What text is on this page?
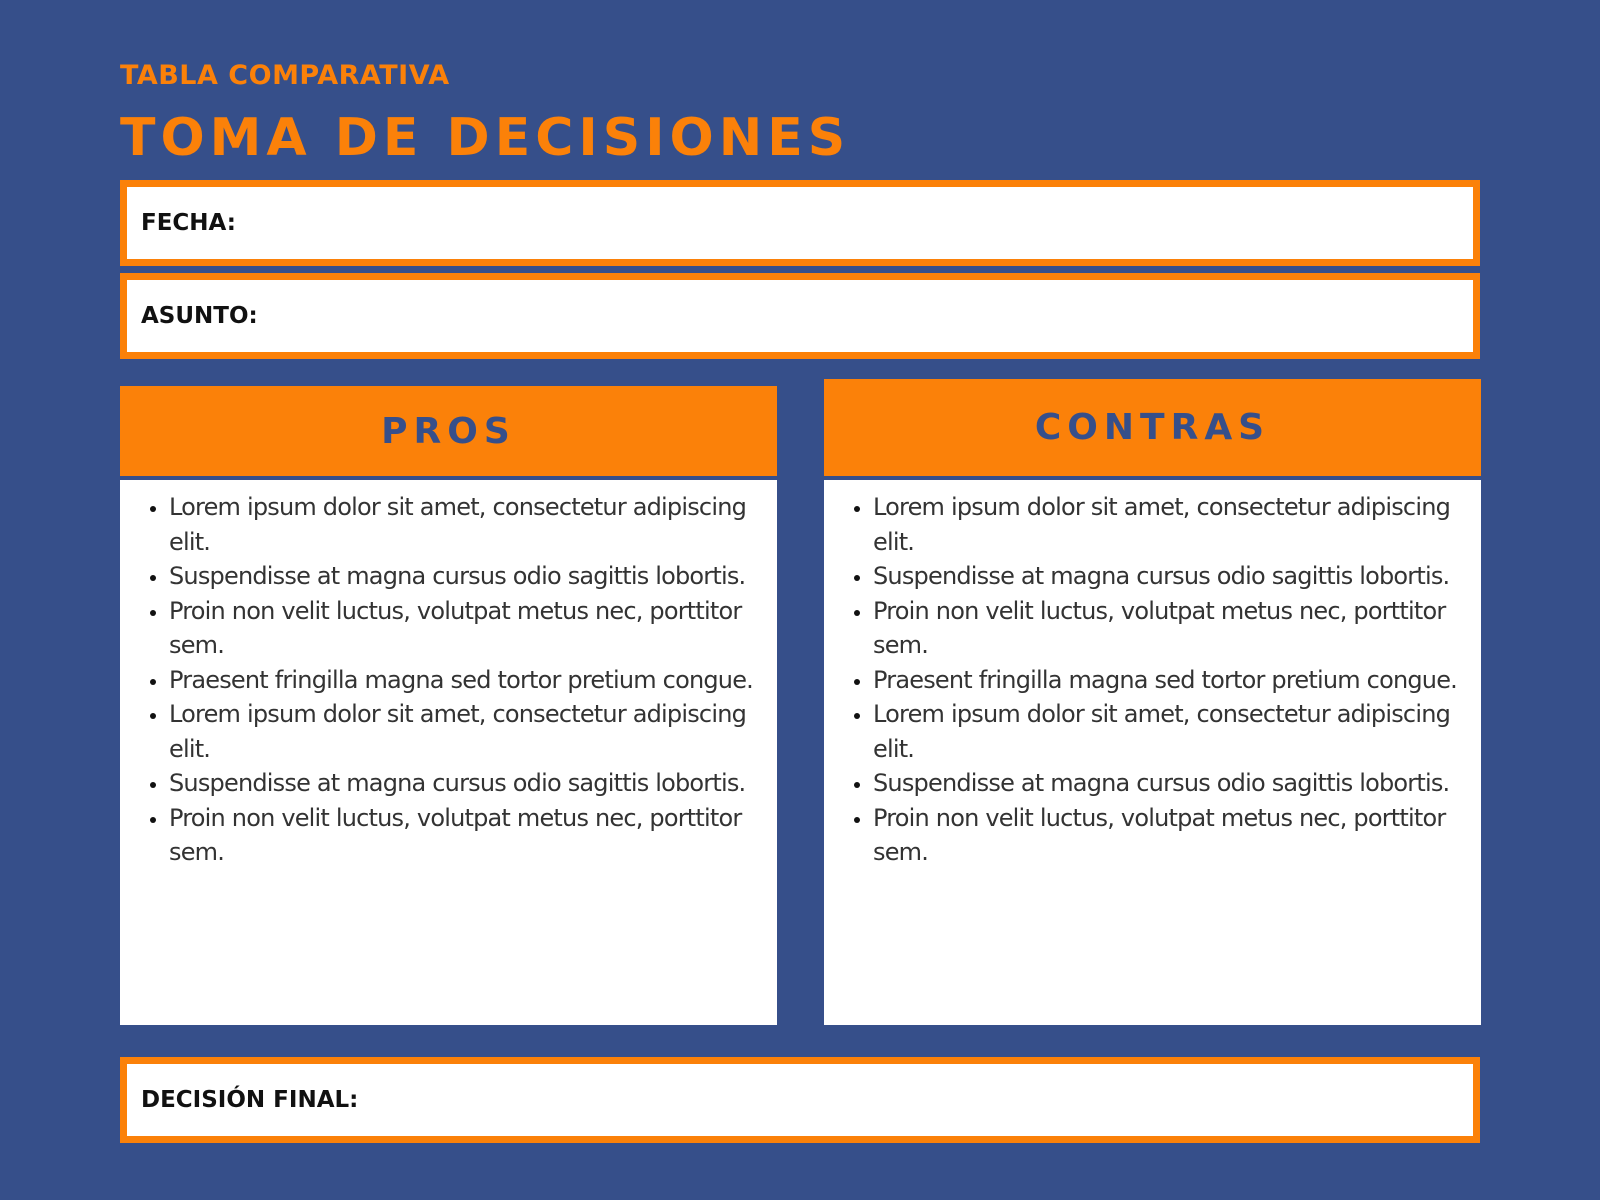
TABLA COMPARATIVA
TOMA DE DECISIONES
FECHA:
ASUNTO:
PROS
• Lorem ipsum dolor sit amet, consectetur adipiscing elit.
• Suspendisse at magna cursus odio sagittis lobortis.
• Proin non velit luctus, volutpat metus nec, porttitor sem.
• Praesent fringilla magna sed tortor pretium congue.
• Lorem ipsum dolor sit amet, consectetur adipiscing elit.
• Suspendisse at magna cursus odio sagittis lobortis.
• Proin non velit luctus, volutpat metus nec, porttitor sem.
CONTRAS
• Lorem ipsum dolor sit amet, consectetur adipiscing elit.
• Suspendisse at magna cursus odio sagittis lobortis.
• Proin non velit luctus, volutpat metus nec, porttitor sem.
• Praesent fringilla magna sed tortor pretium congue.
• Lorem ipsum dolor sit amet, consectetur adipiscing elit.
• Suspendisse at magna cursus odio sagittis lobortis.
• Proin non velit luctus, volutpat metus nec, porttitor sem.
DECISIÓN FINAL:
